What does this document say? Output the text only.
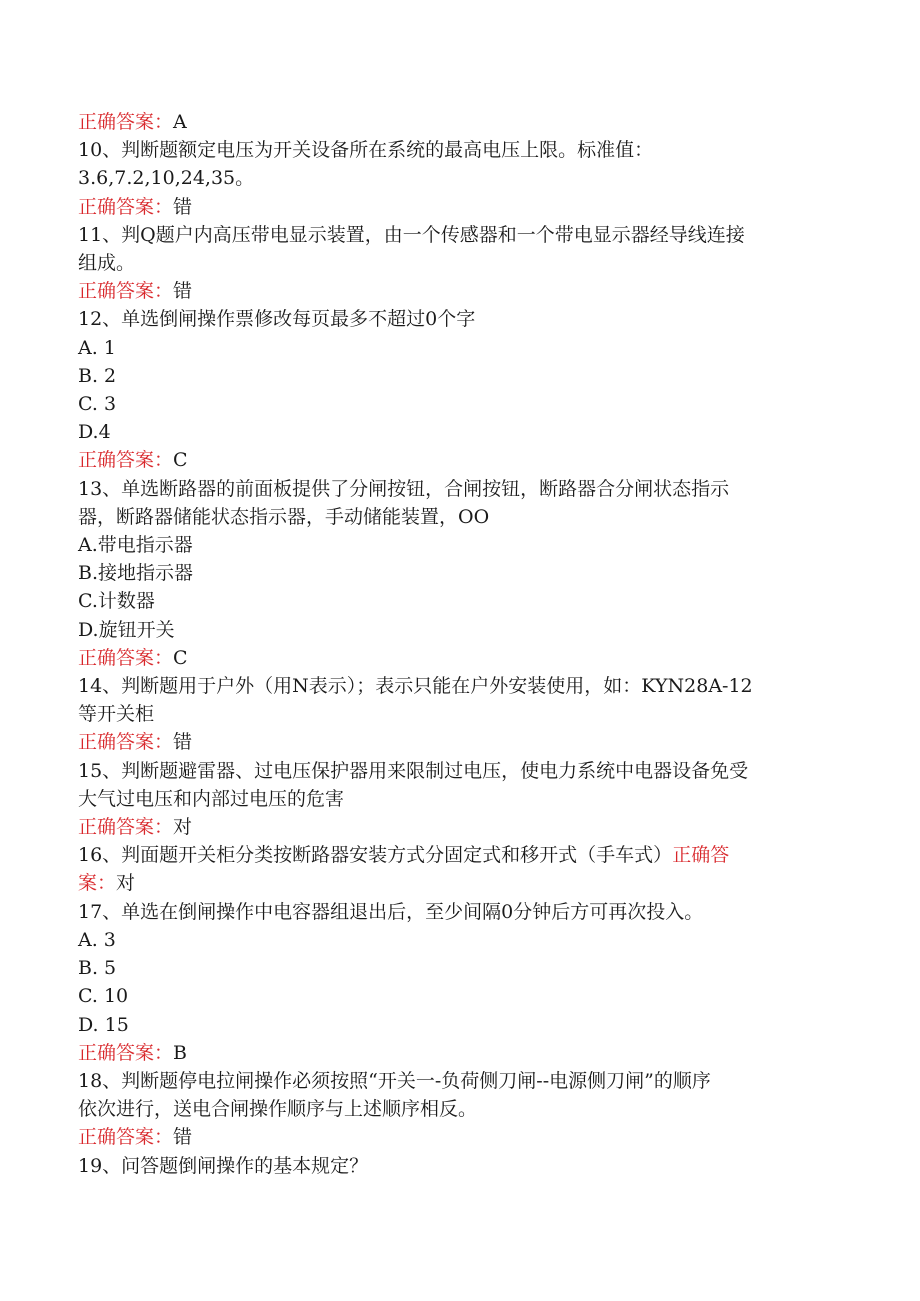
正确答案：A
10、判断题额定电压为开关设备所在系统的最高电压上限。标准值：
3.6,7.2,10,24,35。
正确答案：错
11、判Q题户内高压带电显示装置，由一个传感器和一个带电显示器经导线连接
组成。
正确答案：错
12、单选倒闸操作票修改每页最多不超过0个字
A. 1
B. 2
C. 3
D.4
正确答案：C
13、单选断路器的前面板提供了分闸按钮，合闸按钮，断路器合分闸状态指示
器，断路器储能状态指示器，手动储能装置，OO
A.带电指示器
B.接地指示器
C.计数器
D.旋钮开关
正确答案：C
14、判断题用于户外（用N表示）；表示只能在户外安装使用，如：KYN28A-12
等开关柜
正确答案：错
15、判断题避雷器、过电压保护器用来限制过电压，使电力系统中电器设备免受
大气过电压和内部过电压的危害
正确答案：对
16、判面题开关柜分类按断路器安装方式分固定式和移开式（手车式）正确答
案：对
17、单选在倒闸操作中电容器组退出后，至少间隔0分钟后方可再次投入。
A. 3
B. 5
C. 10
D. 15
正确答案：B
18、判断题停电拉闸操作必须按照“开关一-负荷侧刀闸--电源侧刀闸”的顺序
依次进行，送电合闸操作顺序与上述顺序相反。
正确答案：错
19、问答题倒闸操作的基本规定？
